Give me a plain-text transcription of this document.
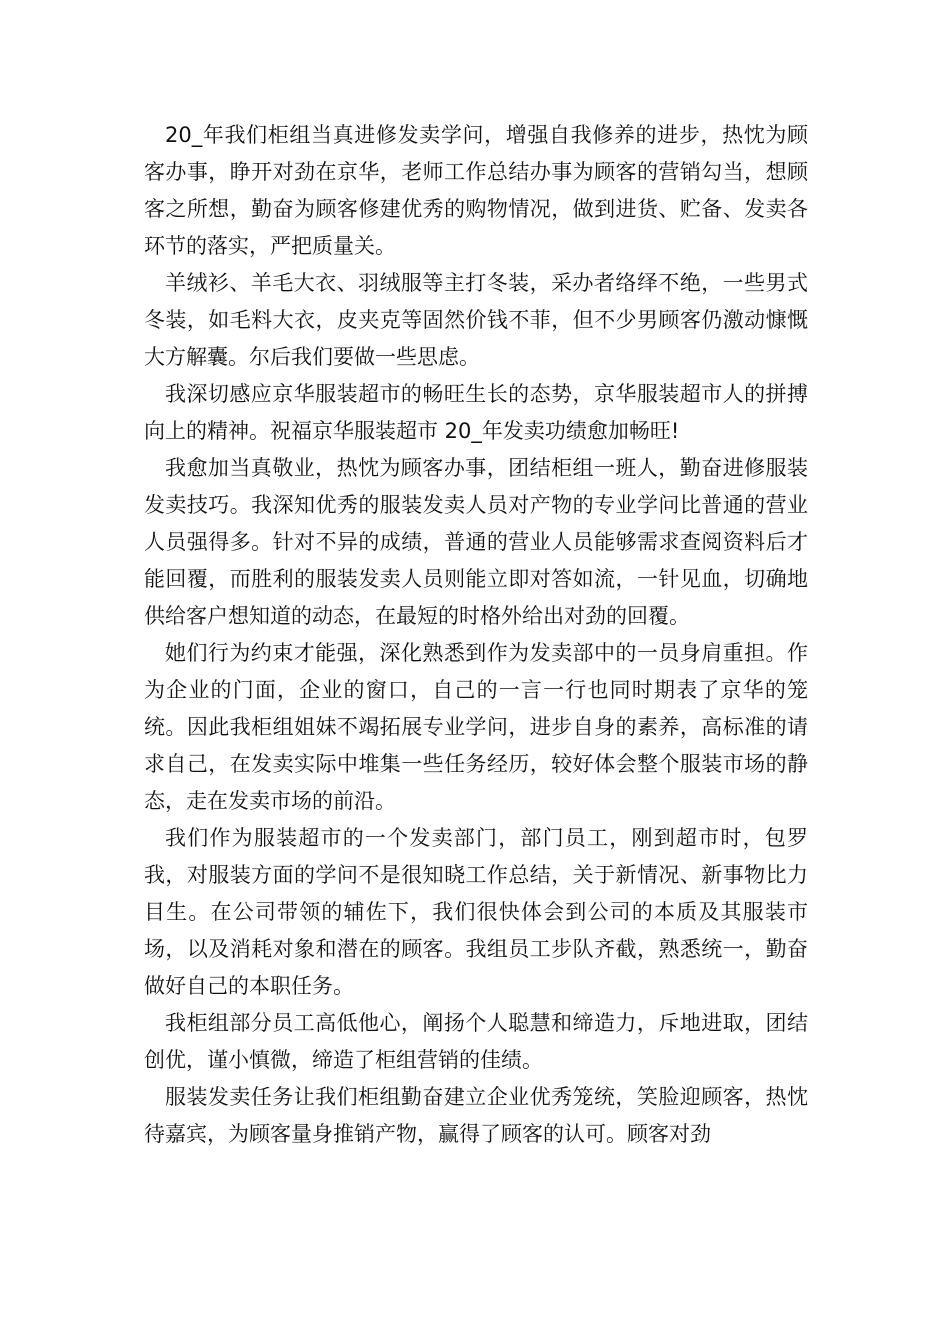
20_年我们柜组当真进修发卖学问，增强自我修养的进步，热忱为顾客办事，睁开对劲在京华，老师工作总结办事为顾客的营销勾当，想顾客之所想，勤奋为顾客修建优秀的购物情况，做到进货、贮备、发卖各环节的落实，严把质量关。

羊绒衫、羊毛大衣、羽绒服等主打冬装，采办者络绎不绝，一些男式冬装，如毛料大衣，皮夹克等固然价钱不菲，但不少男顾客仍激动慷慨大方解囊。尔后我们要做一些思虑。

我深切感应京华服装超市的畅旺生长的态势，京华服装超市人的拼搏向上的精神。祝福京华服装超市 20_年发卖功绩愈加畅旺!

我愈加当真敬业，热忱为顾客办事，团结柜组一班人，勤奋进修服装发卖技巧。我深知优秀的服装发卖人员对产物的专业学问比普通的营业人员强得多。针对不异的成绩，普通的营业人员能够需求查阅资料后才能回覆，而胜利的服装发卖人员则能立即对答如流，一针见血，切确地供给客户想知道的动态，在最短的时格外给出对劲的回覆。

她们行为约束才能强，深化熟悉到作为发卖部中的一员身肩重担。作为企业的门面，企业的窗口，自己的一言一行也同时期表了京华的笼统。因此我柜组姐妹不竭拓展专业学问，进步自身的素养，高标准的请求自己，在发卖实际中堆集一些任务经历，较好体会整个服装市场的静态，走在发卖市场的前沿。

我们作为服装超市的一个发卖部门，部门员工，刚到超市时，包罗我，对服装方面的学问不是很知晓工作总结，关于新情况、新事物比力目生。在公司带领的辅佐下，我们很快体会到公司的本质及其服装市场，以及消耗对象和潜在的顾客。我组员工步队齐截，熟悉统一，勤奋做好自己的本职任务。

我柜组部分员工高低他心，阐扬个人聪慧和缔造力，斥地进取，团结创优，谨小慎微，缔造了柜组营销的佳绩。

服装发卖任务让我们柜组勤奋建立企业优秀笼统，笑脸迎顾客，热忱待嘉宾，为顾客量身推销产物，赢得了顾客的认可。顾客对劲
